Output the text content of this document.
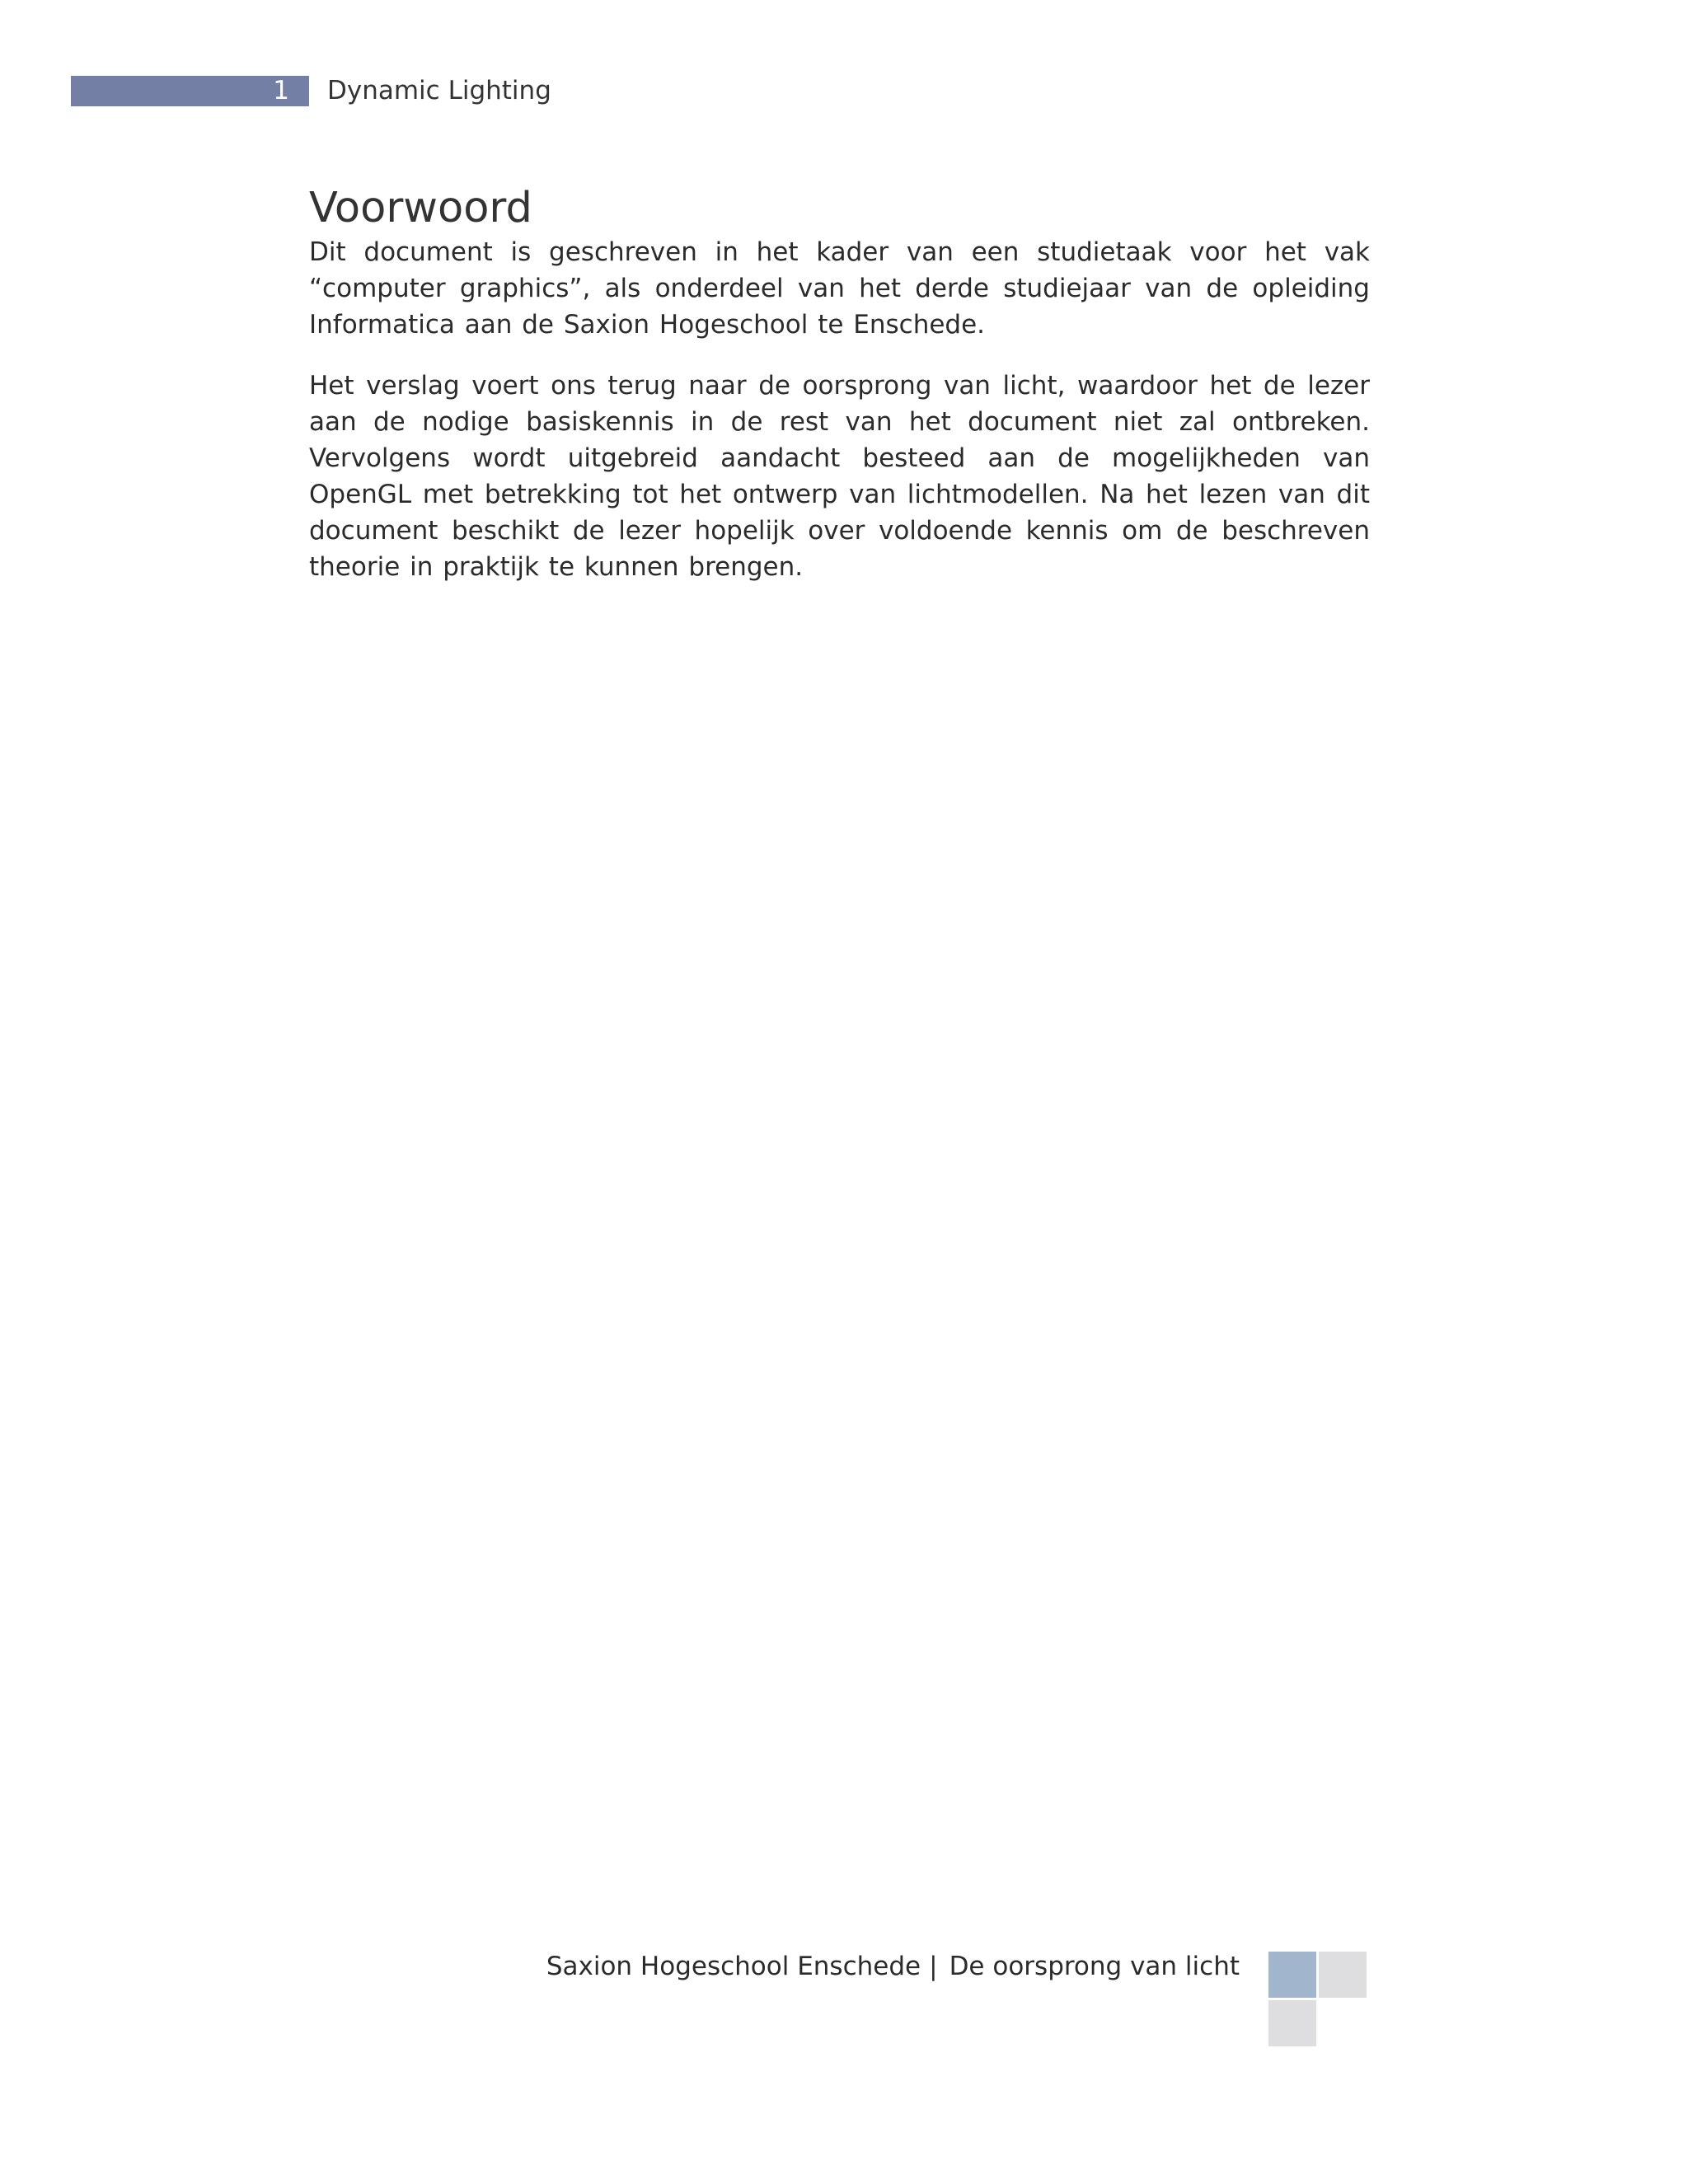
1 Dynamic Lighting
Voorwoord

Dit document is geschreven in het kader van een studietaak voor het vak “computer graphics”, als onderdeel van het derde studiejaar van de opleiding Informatica aan de Saxion Hogeschool te Enschede.

Het verslag voert ons terug naar de oorsprong van licht, waardoor het de lezer aan de nodige basiskennis in de rest van het document niet zal ontbreken. Vervolgens wordt uitgebreid aandacht besteed aan de mogelijkheden van OpenGL met betrekking tot het ontwerp van lichtmodellen. Na het lezen van dit document beschikt de lezer hopelijk over voldoende kennis om de beschreven theorie in praktijk te kunnen brengen.

Saxion Hogeschool Enschede | De oorsprong van licht
